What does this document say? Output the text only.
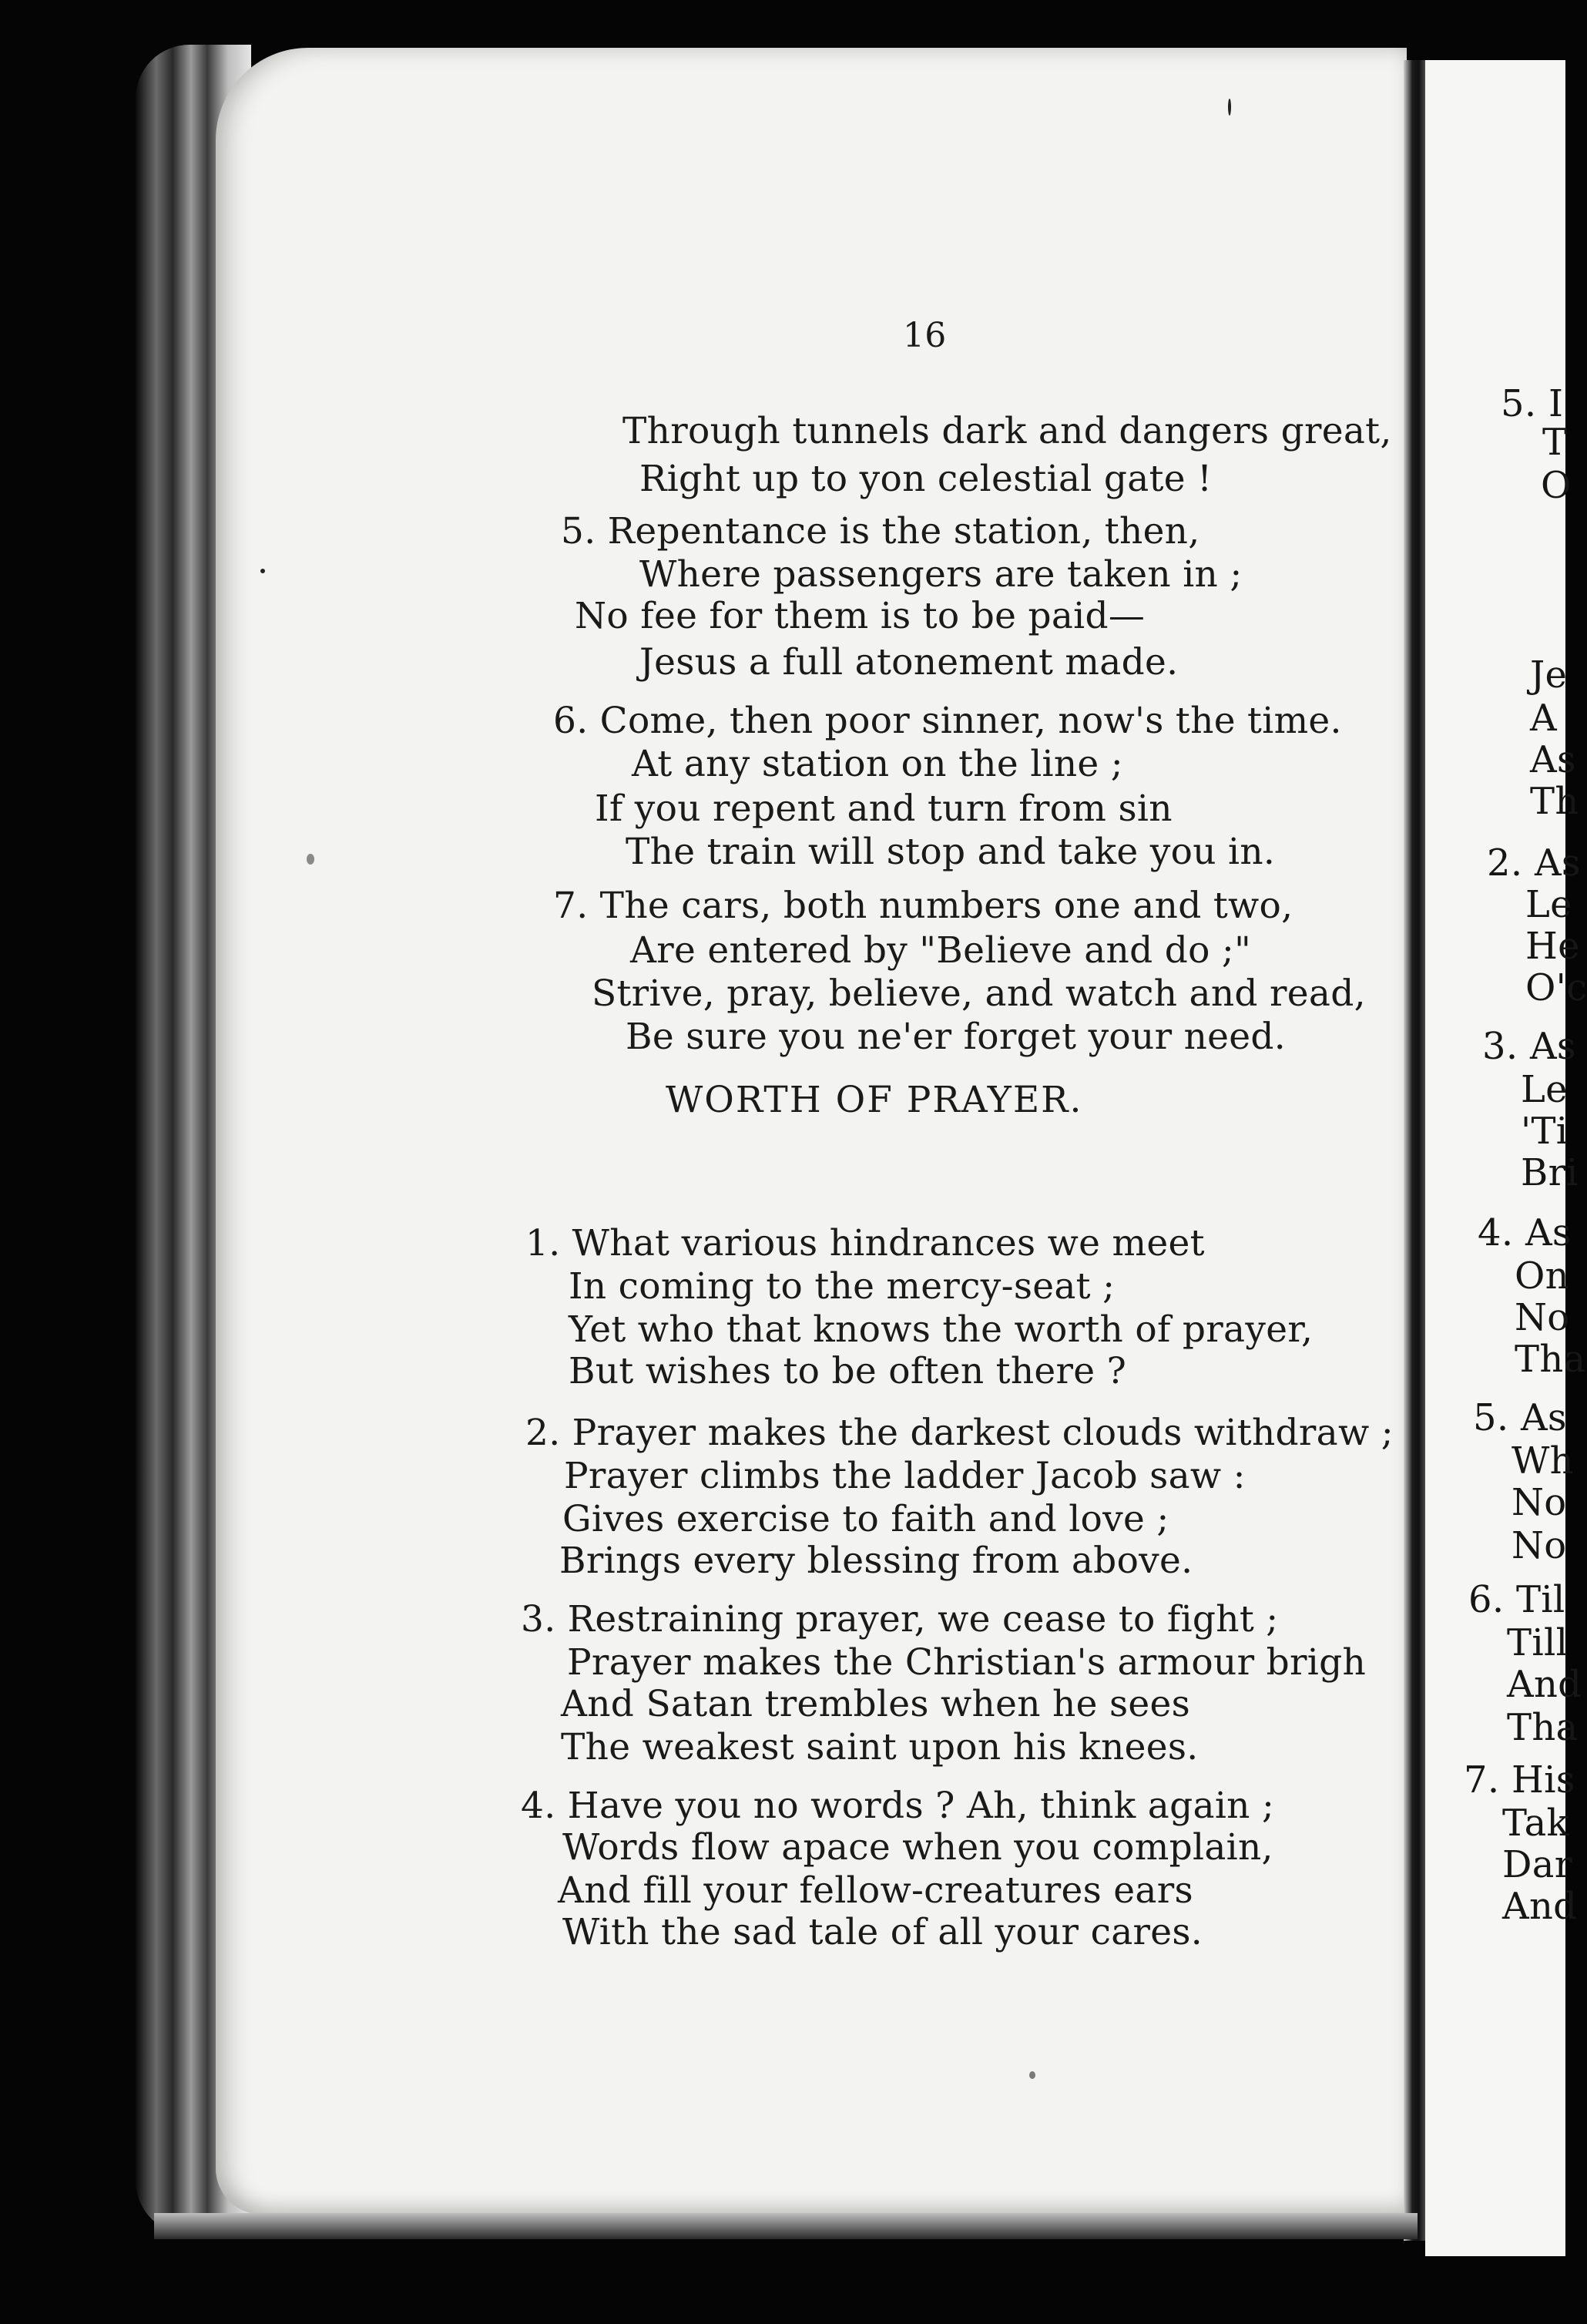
16
Through tunnels dark and dangers great,
Right up to yon celestial gate !
5. Repentance is the station, then,
Where passengers are taken in ;
No fee for them is to be paid—
Jesus a full atonement made.
6. Come, then poor sinner, now's the time.
At any station on the line ;
If you repent and turn from sin
The train will stop and take you in.
7. The cars, both numbers one and two,
Are entered by "Believe and do ;"
Strive, pray, believe, and watch and read,
Be sure you ne'er forget your need.
WORTH OF PRAYER.
1. What various hindrances we meet
In coming to the mercy-seat ;
Yet who that knows the worth of prayer,
But wishes to be often there ?
2. Prayer makes the darkest clouds withdraw ;
Prayer climbs the ladder Jacob saw :
Gives exercise to faith and love ;
Brings every blessing from above.
3. Restraining prayer, we cease to fight ;
Prayer makes the Christian's armour brigh
And Satan trembles when he sees
The weakest saint upon his knees.
4. Have you no words ? Ah, think again ;
Words flow apace when you complain,
And fill your fellow-creatures ears
With the sad tale of all your cares.
5. I
T
O
Je
A
As
Th
2. As
Le
He
O'c
3. As
Le
'Ti
Bri
4. As
On
No
Tha
5. As
Wh
No
No
6. Til
Till
And
Tha
7. His
Tak
Dar
And
